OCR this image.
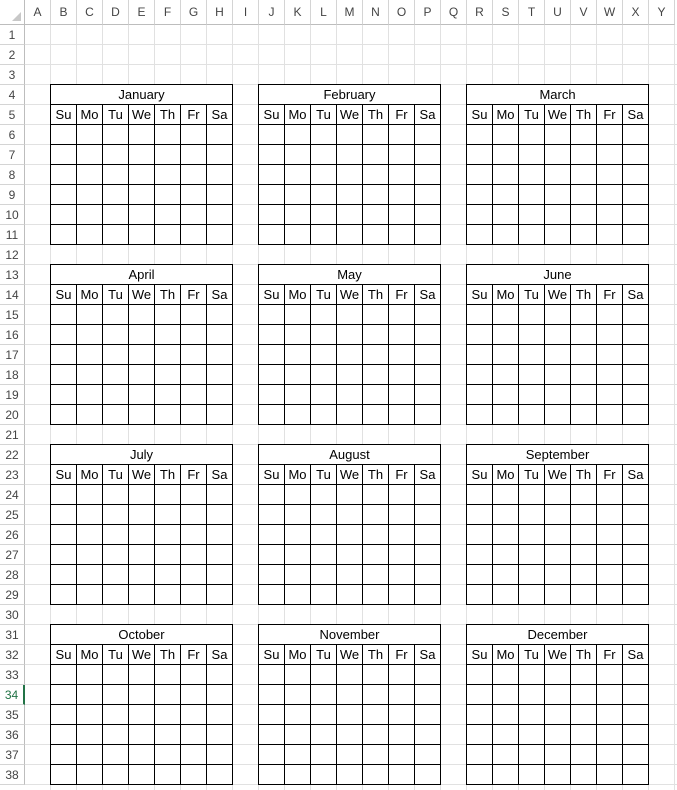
A	B	C	D	E	F	G	H	I	J	K	L	M	N	O	P	Q	R	S	T	U	V	W	X	Y
1
2
3
4
5
6
7
8
9
10
11
12
13
14
15
16
17
18
19
20
21
22
23
24
25
26
27
28
29
30
31
32
33
34
35
36
37
38
January
Su Mo Tu We Th Fr Sa
February
Su Mo Tu We Th Fr Sa
March
Su Mo Tu We Th Fr Sa
April
Su Mo Tu We Th Fr Sa
May
Su Mo Tu We Th Fr Sa
June
Su Mo Tu We Th Fr Sa
July
Su Mo Tu We Th Fr Sa
August
Su Mo Tu We Th Fr Sa
September
Su Mo Tu We Th Fr Sa
October
Su Mo Tu We Th Fr Sa
November
Su Mo Tu We Th Fr Sa
December
Su Mo Tu We Th Fr Sa
